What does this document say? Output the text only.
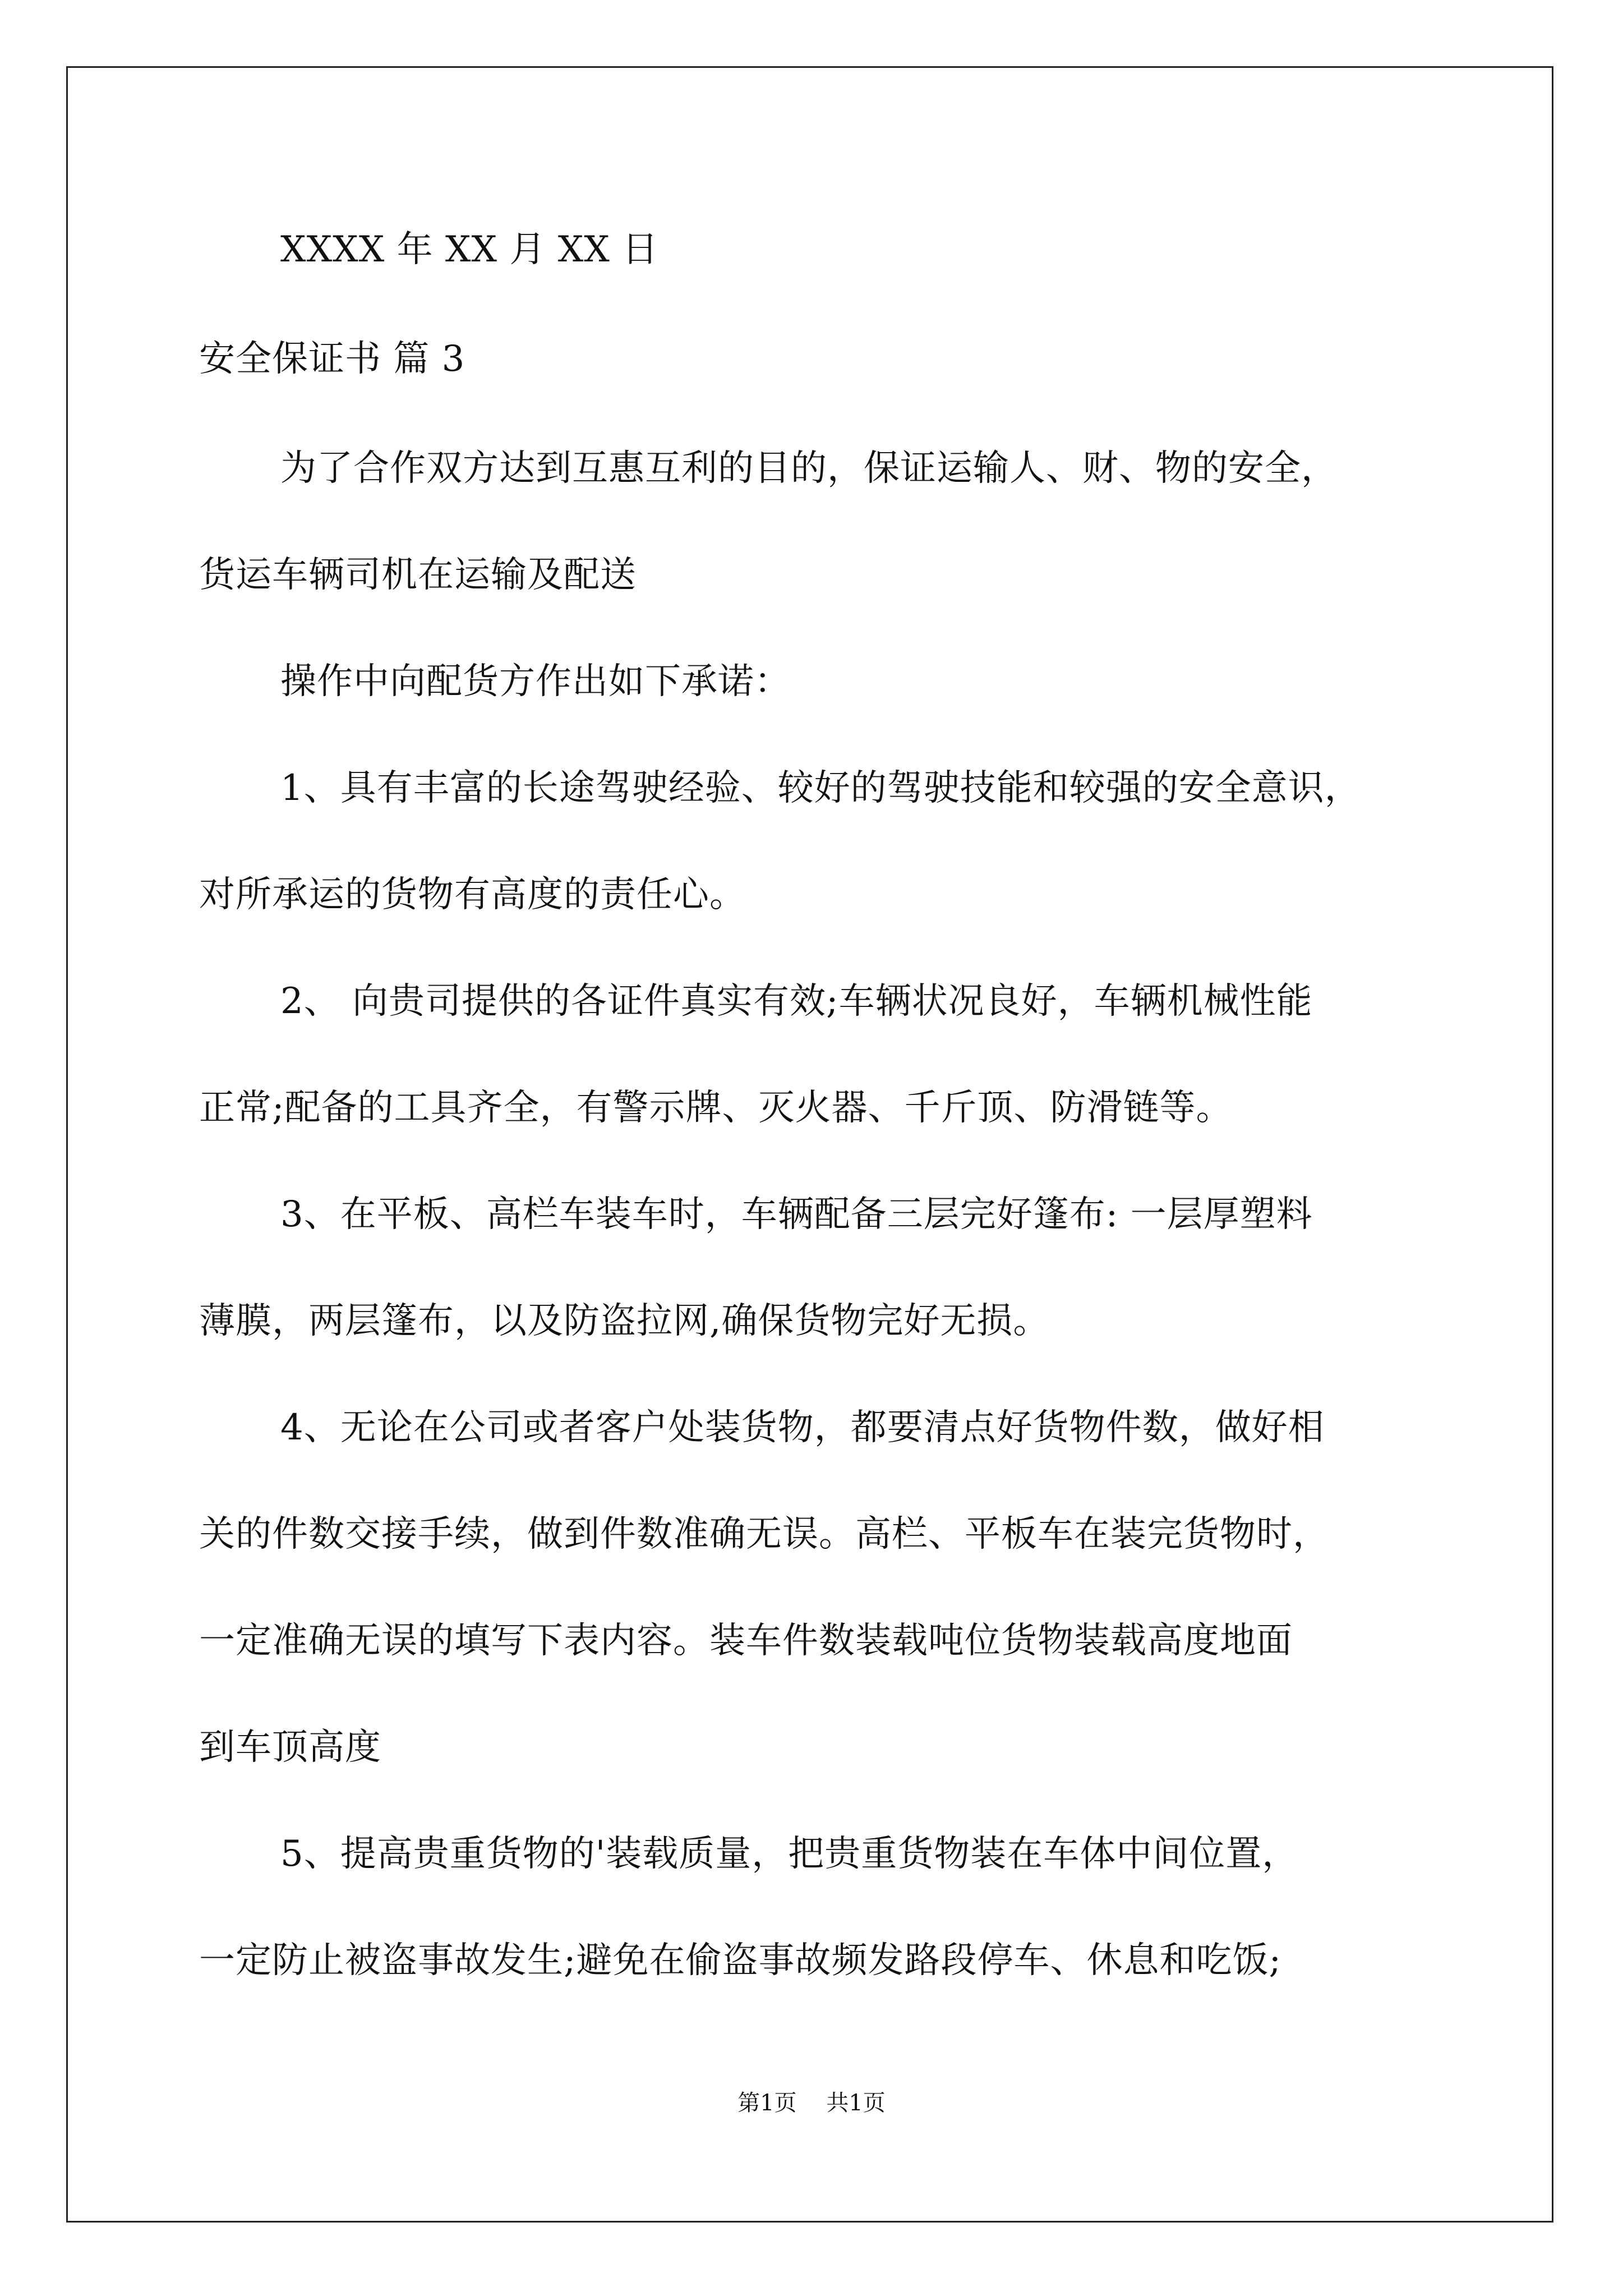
XXXX 年 XX 月 XX 日
安全保证书 篇 3
为了合作双方达到互惠互利的目的，保证运输人、财、物的安全，
货运车辆司机在运输及配送
操作中向配货方作出如下承诺：
1、具有丰富的长途驾驶经验、较好的驾驶技能和较强的安全意识，
对所承运的货物有高度的责任心。
2、 向贵司提供的各证件真实有效;车辆状况良好，车辆机械性能
正常;配备的工具齐全，有警示牌、灭火器、千斤顶、防滑链等。
3、在平板、高栏车装车时，车辆配备三层完好篷布: 一层厚塑料
薄膜，两层篷布，以及防盗拉网,确保货物完好无损。
4、无论在公司或者客户处装货物，都要清点好货物件数，做好相
关的件数交接手续，做到件数准确无误。高栏、平板车在装完货物时，
一定准确无误的填写下表内容。装车件数装载吨位货物装载高度地面
到车顶高度
5、提高贵重货物的'装载质量，把贵重货物装在车体中间位置，
一定防止被盗事故发生;避免在偷盗事故频发路段停车、休息和吃饭;
第1页 共1页
